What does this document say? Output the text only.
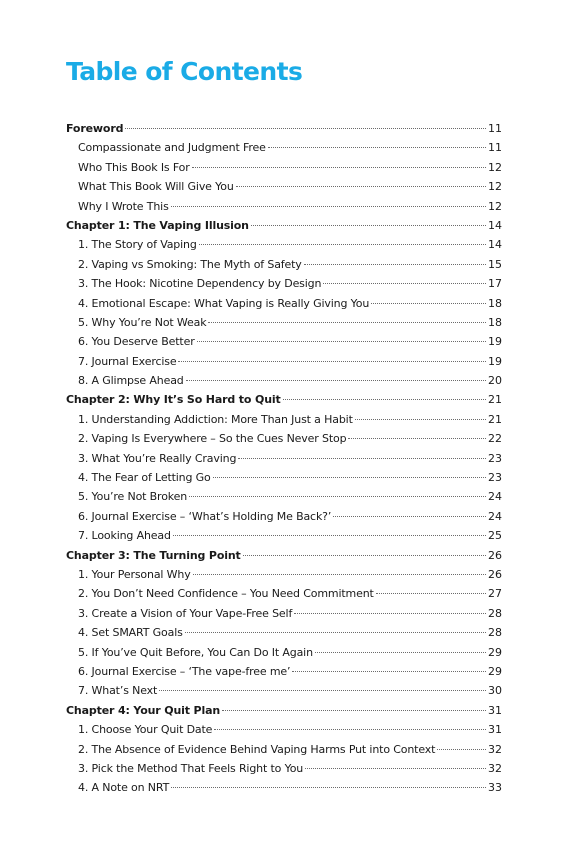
Table of Contents
Foreword	11
Compassionate and Judgment Free	11
Who This Book Is For	12
What This Book Will Give You	12
Why I Wrote This	12
Chapter 1: The Vaping Illusion	14
1. The Story of Vaping	14
2. Vaping vs Smoking: The Myth of Safety	15
3. The Hook: Nicotine Dependency by Design	17
4. Emotional Escape: What Vaping is Really Giving You	18
5. Why You’re Not Weak	18
6. You Deserve Better	19
7. Journal Exercise	19
8. A Glimpse Ahead	20
Chapter 2: Why It’s So Hard to Quit	21
1. Understanding Addiction: More Than Just a Habit	21
2. Vaping Is Everywhere – So the Cues Never Stop	22
3. What You’re Really Craving	23
4. The Fear of Letting Go	23
5. You’re Not Broken	24
6. Journal Exercise – ‘What’s Holding Me Back?’	24
7. Looking Ahead	25
Chapter 3: The Turning Point	26
1. Your Personal Why	26
2. You Don’t Need Confidence – You Need Commitment	27
3. Create a Vision of Your Vape-Free Self	28
4. Set SMART Goals	28
5. If You’ve Quit Before, You Can Do It Again	29
6. Journal Exercise – ‘The vape-free me’	29
7. What’s Next	30
Chapter 4: Your Quit Plan	31
1. Choose Your Quit Date	31
2. The Absence of Evidence Behind Vaping Harms Put into Context	32
3. Pick the Method That Feels Right to You	32
4. A Note on NRT	33
